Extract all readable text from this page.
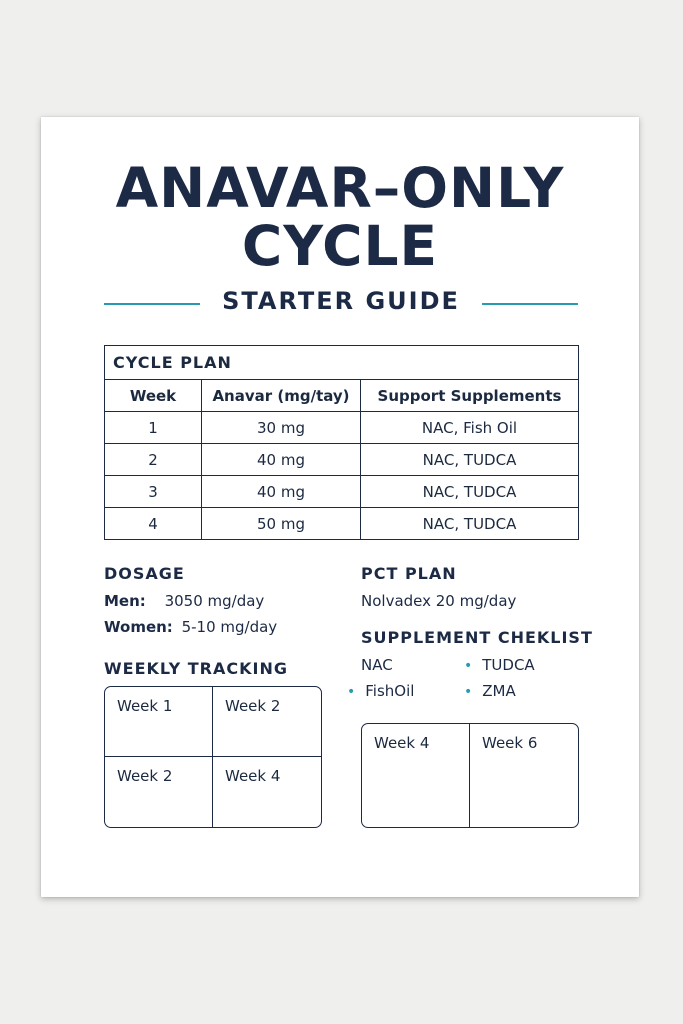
ANAVAR–ONLY
CYCLE
STARTER GUIDE
CYCLE PLAN
Week	Anavar (mg/tay)	Support Supplements
1	30 mg	NAC, Fish Oil
2	40 mg	NAC, TUDCA
3	40 mg	NAC, TUDCA
4	50 mg	NAC, TUDCA
DOSAGE
Men: 3050 mg/day
Women: 5-10 mg/day
PCT PLAN
Nolvadex 20 mg/day
SUPPLEMENT CHEKLIST
NAC	• TUDCA
• FishOil	• ZMA
WEEKLY TRACKING
Week 1	Week 2
Week 2	Week 4
Week 4	Week 6
